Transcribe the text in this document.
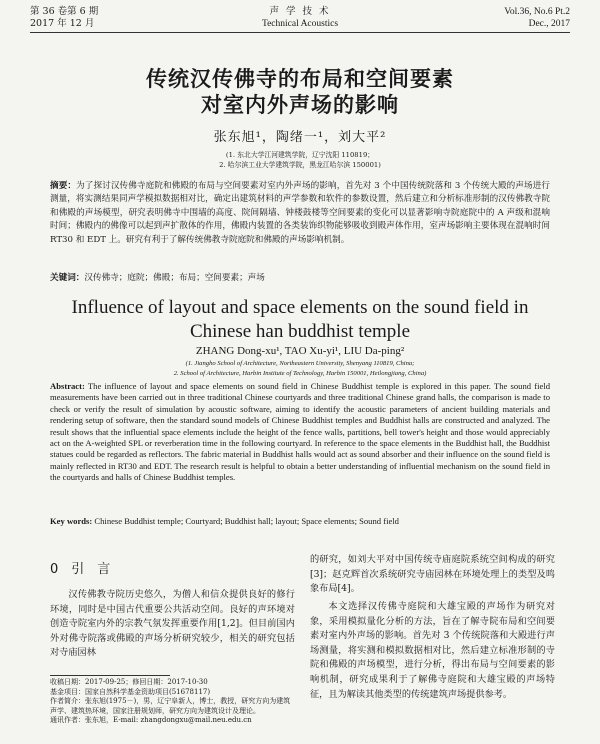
第 36 卷第 6 期
2017 年 12 月
声 学 技 术
Technical Acoustics
Vol.36, No.6 Pt.2
Dec., 2017
传统汉传佛寺的布局和空间要素
对室内外声场的影响
张东旭¹，陶绪一¹，刘大平²
(1. 东北大学江河建筑学院，辽宁沈阳 110819；
2. 哈尔滨工业大学建筑学院，黑龙江哈尔滨 150001)
摘要：为了探讨汉传佛寺庭院和佛殿的布局与空间要素对室内外声场的影响，首先对 3 个中国传统院落和 3 个传统大殿的声场进行测量，将实测结果同声学模拟数据相对比，确定出建筑材料的声学参数和软件的参数设置，然后建立和分析标准形制的汉传佛教寺院和佛殿的声场模型，研究表明佛寺中围墙的高度、院间隔墙、钟楼鼓楼等空间要素的变化可以显著影响寺院庭院中的 A 声级和混响时间；佛殿内的佛像可以起到声扩散体的作用，佛殿内装置的各类装饰织物能够吸收到殿声体作用，室声场影响主要体现在混响时间 RT30 和 EDT 上。研究有利于了解传统佛教寺院庭院和佛殿的声场影响机制。
关键词：汉传佛寺；庭院；佛殿；布局；空间要素；声场
Influence of layout and space elements on the sound field in
Chinese han buddhist temple
ZHANG Dong-xu¹, TAO Xu-yi¹, LIU Da-ping²
(1. Jiangho School of Architecture, Northeastern University, Shenyang 110819, China;
2. School of Architecture, Harbin Institute of Technology, Harbin 150001, Heilongjiang, China)
Abstract: The influence of layout and space elements on sound field in Chinese Buddhist temple is explored in this paper. The sound field measurements have been carried out in three traditional Chinese courtyards and three traditional Chinese grand halls, the comparison is made to check or verify the result of simulation by acoustic software, aiming to identify the acoustic parameters of ancient building materials and rendering setup of software, then the standard sound models of Chinese Buddhist temples and Buddhist halls are constructed and analyzed. The result shows that the influential space elements include the height of the fence walls, partitions, bell tower's height and those would appreciably act on the A-weighted SPL or reverberation time in the following courtyard. In reference to the space elements in the Buddhist hall, the Buddhist statues could be regarded as reflectors. The fabric material in Buddhist halls would act as sound absorber and their influence on the sound field is mainly reflected in RT30 and EDT. The research result is helpful to obtain a better understanding of influential mechanism on the sound field in the courtyards and halls of Chinese Buddhist temples.
Key words: Chinese Buddhist temple; Courtyard; Buddhist hall; layout; Space elements; Sound field
0　引　言
汉传佛教寺院历史悠久，为僧人和信众提供良好的修行环境，同时是中国古代重要公共活动空间。良好的声环境对创造寺院室内外的宗教气氛发挥重要作用[1,2]。但目前国内外对佛寺院落或佛殿的声场分析研究较少，相关的研究包括对寺庙园林
收稿日期：2017-09-25；修回日期：2017-10-30
基金项目：国家自然科学基金资助项目(51678117)
作者简介：张东旭(1975－)，男，辽宁阜新人，博士，教授，研究方向为建筑声学、建筑热环境，国家注册规划师，研究方向为建筑设计及理论。
通讯作者：张东旭，E-mail: zhangdongxu@mail.neu.edu.cn
的研究，如刘大平对中国传统寺庙庭院系统空间构成的研究[3]；赵克辉首次系统研究寺庙园林在环境处理上的类型及鸣象布局[4]。
本文选择汉传佛寺庭院和大雄宝殿的声场作为研究对象，采用模拟量化分析的方法，旨在了解寺院布局和空间要素对室内外声场的影响。首先对 3 个传统院落和大殿进行声场测量，将实测和模拟数据相对比，然后建立标准形制的寺院和佛殿的声场模型，进行分析，得出布局与空间要素的影响机制，研究成果利于了解佛寺庭院和大雄宝殿的声场特征，且为解读其他类型的传统建筑声场提供参考。
